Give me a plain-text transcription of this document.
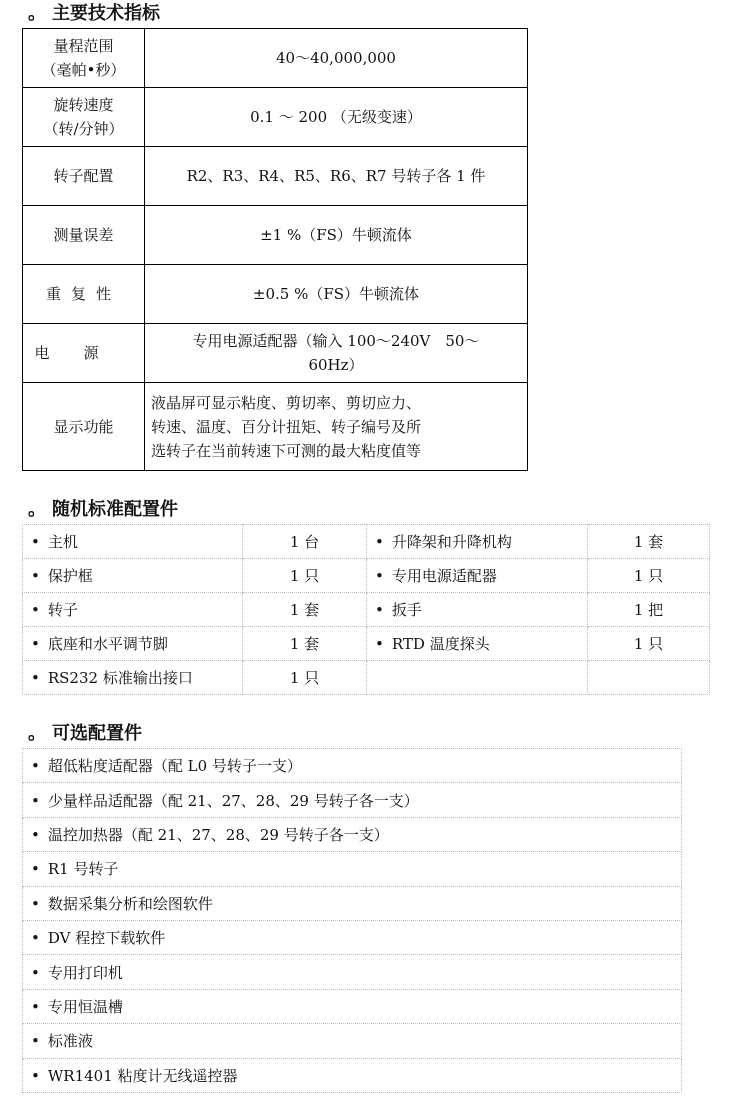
。 主要技术指标
量程范围
（毫帕•秒）	40～40,000,000

旋转速度
（转/分钟）	0.1 ～ 200 （无级变速）
转子配置	R2、R3、R4、R5、R6、R7 号转子各 1 件
测量误差	±1 %（FS）牛顿流体
重复性	±0.5 %（FS）牛顿流体
电源	专用电源适配器（输入 100～240V　50～
60Hz）

显示功能	液晶屏可显示粘度、剪切率、剪切应力、
转速、温度、百分计扭矩、转子编号及所
选转子在当前转速下可测的最大粘度值等
。 随机标准配置件
• 主机	1 台	• 升降架和升降机构	1 套
• 保护框	1 只	• 专用电源适配器	1 只
• 转子	1 套	• 扳手	1 把
• 底座和水平调节脚	1 套	• RTD 温度探头	1 只
• RS232 标准输出接口	1 只		
。 可选配置件
• 超低粘度适配器（配 L0 号转子一支）
• 少量样品适配器（配 21、27、28、29 号转子各一支）
• 温控加热器（配 21、27、28、29 号转子各一支）
• R1 号转子
• 数据采集分析和绘图软件
• DV 程控下载软件
• 专用打印机
• 专用恒温槽
• 标准液
• WR1401 粘度计无线遥控器
